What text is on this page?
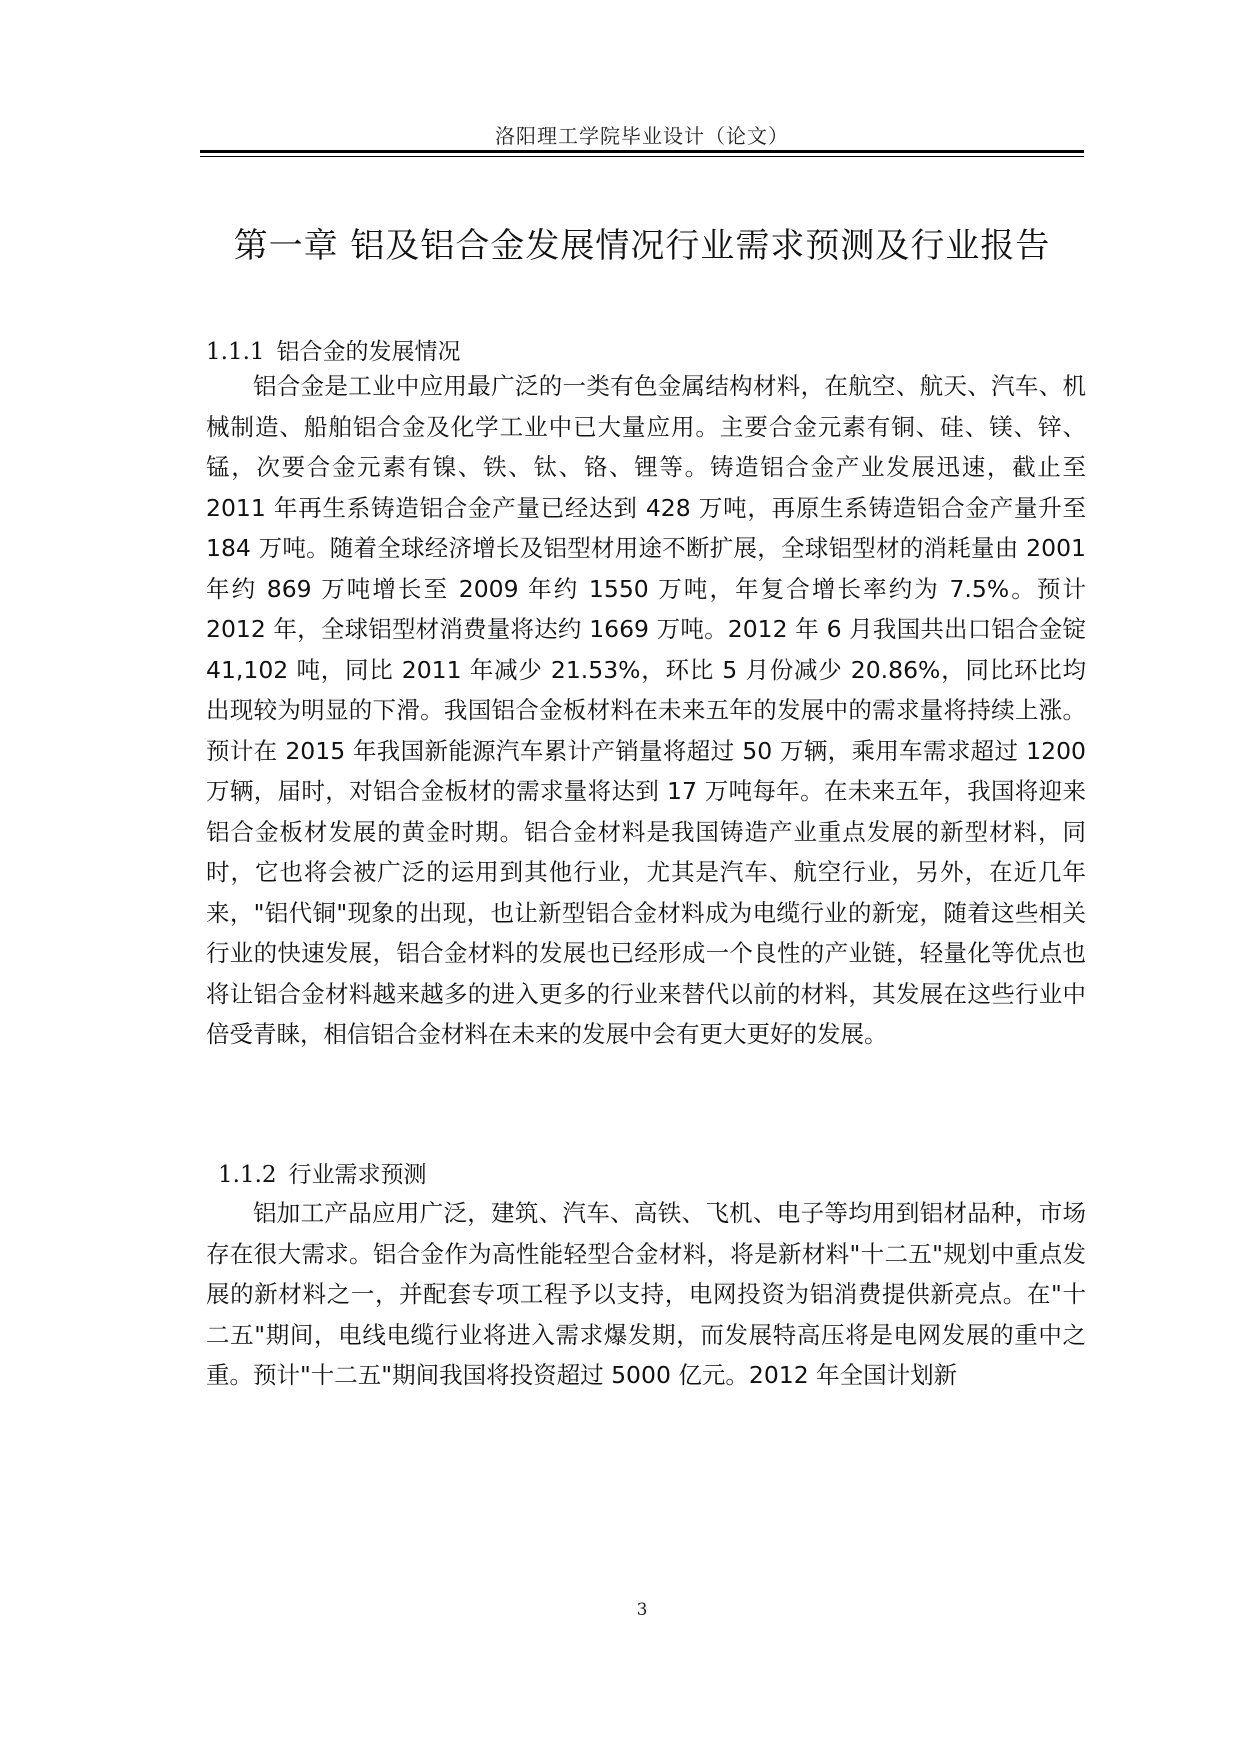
洛阳理工学院毕业设计（论文）
第一章 铝及铝合金发展情况行业需求预测及行业报告
1.1.1 铝合金的发展情况

铝合金是工业中应用最广泛的一类有色金属结构材料，在航空、航天、汽车、机械制造、船舶铝合金及化学工业中已大量应用。主要合金元素有铜、硅、镁、锌、锰，次要合金元素有镍、铁、钛、铬、锂等。铸造铝合金产业发展迅速，截止至 2011 年再生系铸造铝合金产量已经达到 428 万吨，再原生系铸造铝合金产量升至 184 万吨。随着全球经济增长及铝型材用途不断扩展，全球铝型材的消耗量由 2001 年约 869 万吨增长至 2009 年约 1550 万吨，年复合增长率约为 7.5%。预计 2012 年，全球铝型材消费量将达约 1669 万吨。2012 年 6 月我国共出口铝合金锭 41,102 吨，同比 2011 年减少 21.53%，环比 5 月份减少 20.86%，同比环比均出现较为明显的下滑。我国铝合金板材料在未来五年的发展中的需求量将持续上涨。预计在 2015 年我国新能源汽车累计产销量将超过 50 万辆，乘用车需求超过 1200 万辆，届时，对铝合金板材的需求量将达到 17 万吨每年。在未来五年，我国将迎来铝合金板材发展的黄金时期。铝合金材料是我国铸造产业重点发展的新型材料，同时，它也将会被广泛的运用到其他行业，尤其是汽车、航空行业，另外，在近几年来，"铝代铜"现象的出现，也让新型铝合金材料成为电缆行业的新宠，随着这些相关行业的快速发展，铝合金材料的发展也已经形成一个良性的产业链，轻量化等优点也将让铝合金材料越来越多的进入更多的行业来替代以前的材料，其发展在这些行业中倍受青睐，相信铝合金材料在未来的发展中会有更大更好的发展。

1.1.2 行业需求预测

铝加工产品应用广泛，建筑、汽车、高铁、飞机、电子等均用到铝材品种，市场存在很大需求。铝合金作为高性能轻型合金材料，将是新材料"十二五"规划中重点发展的新材料之一，并配套专项工程予以支持，电网投资为铝消费提供新亮点。在"十二五"期间，电线电缆行业将进入需求爆发期，而发展特高压将是电网发展的重中之重。预计"十二五"期间我国将投资超过 5000 亿元。2012 年全国计划新

3
